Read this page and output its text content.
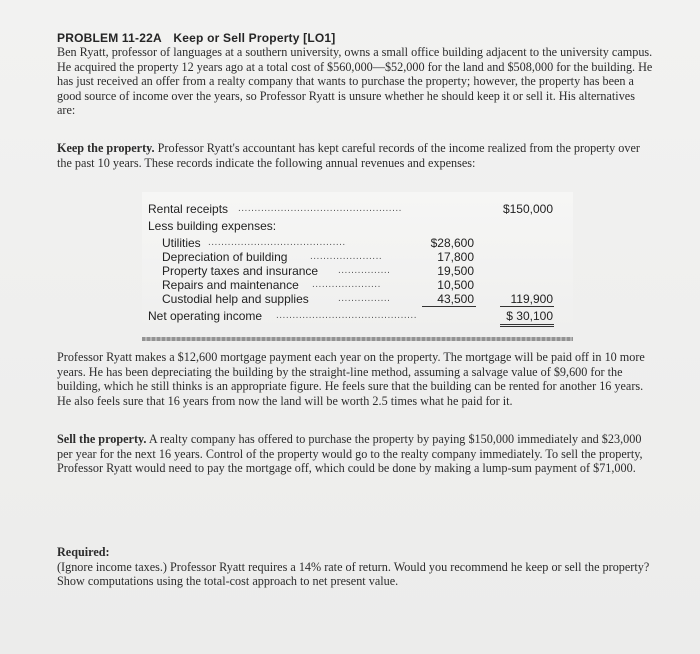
PROBLEM 11-22A Keep or Sell Property [LO1]

Ben Ryatt, professor of languages at a southern university, owns a small office building adjacent to the university campus. He acquired the property 12 years ago at a total cost of $560,000—$52,000 for the land and $508,000 for the building. He has just received an offer from a realty company that wants to purchase the property; however, the property has been a good source of income over the years, so Professor Ryatt is unsure whether he should keep it or sell it. His alternatives are:

Keep the property. Professor Ryatt's accountant has kept careful records of the income realized from the property over the past 10 years. These records indicate the following annual revenues and expenses:

Rental receipts ..................................................	$150,000
Less building expenses:
Utilities ..........................................	$28,600
Depreciation of building ......................	17,800
Property taxes and insurance ................	19,500
Repairs and maintenance .....................	10,500
Custodial help and supplies	................	43,500	119,900
Net operating income ...........................................	$ 30,100

Professor Ryatt makes a $12,600 mortgage payment each year on the property. The mortgage will be paid off in 10 more years. He has been depreciating the building by the straight-line method, assuming a salvage value of $9,600 for the building, which he still thinks is an appropriate figure. He feels sure that the building can be rented for another 16 years. He also feels sure that 16 years from now the land will be worth 2.5 times what he paid for it.

Sell the property. A realty company has offered to purchase the property by paying $150,000 immediately and $23,000 per year for the next 16 years. Control of the property would go to the realty company immediately. To sell the property, Professor Ryatt would need to pay the mortgage off, which could be done by making a lump-sum payment of $71,000.

Required:
(Ignore income taxes.) Professor Ryatt requires a 14% rate of return. Would you recommend he keep or sell the property? Show computations using the total-cost approach to net present value.
